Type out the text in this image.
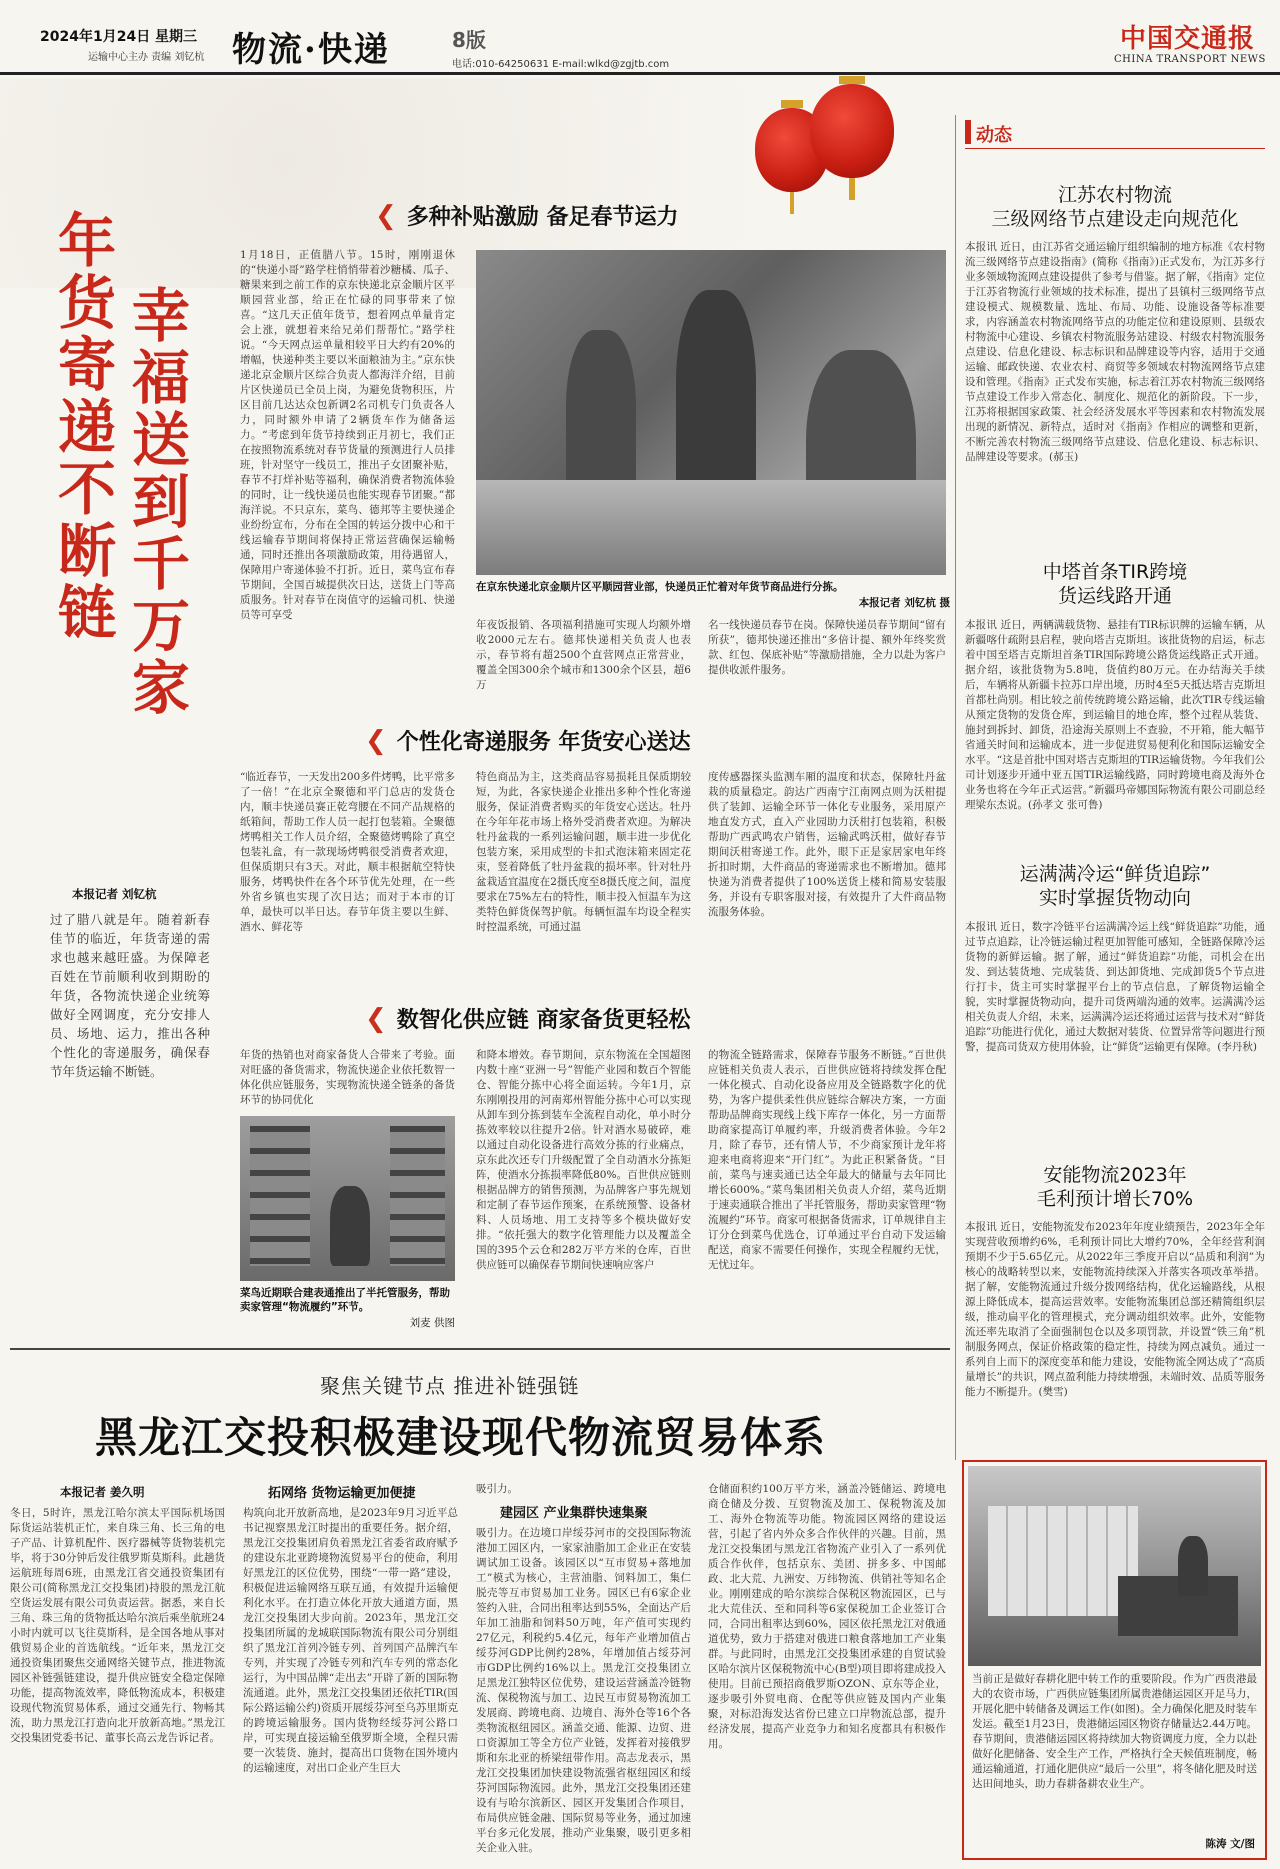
2024年1月24日 星期三
运输中心主办 责编 刘钇杭 物流·快递	8版
电话:010-64250631 E-mail:wlkd@zgjtb.com
中国交通报
CHINA TRANSPORT NEWS
幸福送到千万家
年货寄递不断链
本报记者 刘钇杭
过了腊八就是年。随着新春佳节的临近，年货寄递的需求也越来越旺盛。为保障老百姓在节前顺利收到期盼的年货，各物流快递企业统筹做好全网调度，充分安排人员、场地、运力，推出各种个性化的寄递服务，确保春节年货运输不断链。
❮ 多种补贴激励 备足春节运力
1月18日，正值腊八节。15时，刚刚退休的“快递小哥”路学柱悄悄带着沙糖橘、瓜子、糖果来到之前工作的京东快递北京金顺片区平顺园营业部，给正在忙碌的同事带来了惊喜。“这几天正值年货节，想着网点单量肯定会上涨，就想着来给兄弟们帮帮忙。”路学柱说。“今天网点运单量相较平日大约有20%的增幅，快递种类主要以米面粮油为主。”京东快递北京金顺片区综合负责人都海洋介绍，目前片区快递员已全员上岗，为避免货物积压，片区目前几达达众包新调2名司机专门负责各人力，同时额外申请了2辆货车作为储备运力。“考虑到年货节持续到正月初七，我们正在按照物流系统对春节货量的预测进行人员排班，针对坚守一线员工，推出子女团聚补贴，春节不打烊补贴等福利，确保消费者物流体验的同时，让一线快递员也能实现春节团聚。”都海洋说。不只京东，菜鸟、德邦等主要快递企业纷纷宣布，分布在全国的转运分拨中心和干线运输春节期间将保持正常运营确保运输畅通，同时还推出各项激励政策，用待遇留人，保障用户寄递体验不打折。近日，菜鸟宣布春节期间，全国百城提供次日达，送货上门等高质服务。针对春节在岗值守的运输司机、快递员等可享受
在京东快递北京金顺片区平顺园营业部，快递员正忙着对年货节商品进行分拣。
本报记者 刘钇杭 摄
年夜饭报销、各项福利措施可实现人均额外增收2000元左右。德邦快递相关负责人也表示，春节将有超2500个直营网点正常营业，覆盖全国300余个城市和1300余个区县，超6万
名一线快递员春节在岗。保障快递员春节期间“留有所获”，德邦快递还推出“多倍计提、额外年终奖赏款、红包、保底补贴”等激励措施，全力以赴为客户提供收派件服务。
❮ 个性化寄递服务 年货安心送达
“临近春节，一天发出200多件烤鸭，比平常多了一倍！”在北京全聚德和平门总店的发货仓内，顺丰快递员赛正乾弯腰在不同产品规格的纸箱间，帮助工作人员一起打包装箱。全聚德烤鸭相关工作人员介绍，全聚德烤鸭除了真空包装礼盒，有一款现场烤鸭很受消费者欢迎，但保质期只有3天。对此，顺丰根据航空特快服务，烤鸭快件在各个环节优先处理，在一些外省乡镇也实现了次日达；而对于本市的订单，最快可以半日达。春节年货主要以生鲜、酒水、鲜花等
特色商品为主，这类商品容易损耗且保质期较短，为此，各家快递企业推出多种个性化寄递服务，保证消费者购买的年货安心送达。牡丹在今年年花市场上格外受消费者欢迎。为解决牡丹盆栽的一系列运输问题，顺丰进一步优化包装方案，采用成型的卡扣式泡沫箱来固定花束，竖着降低了牡丹盆栽的损坏率。针对牡丹盆栽适宜温度在2摄氏度至8摄氏度之间，温度要求在75%左右的特性，顺丰投入恒温车为这类特色鲜货保驾护航。每辆恒温车均设全程实时控温系统，可通过温
度传感器探头监测车厢的温度和状态，保障牡丹盆栽的质量稳定。韵达广西南宁江南网点则为沃柑提供了装卸、运输全环节一体化专业服务，采用原产地直发方式，直入产业园助力沃柑打包装箱，积极帮助广西武鸣农户销售，运输武鸣沃柑，做好春节期间沃柑寄递工作。此外，眼下正是家居家电年终折扣时期，大件商品的寄递需求也不断增加。德邦快递为消费者提供了100%送货上楼和简易安装服务，并设有专职客服对接，有效提升了大件商品物流服务体验。
❮ 数智化供应链 商家备货更轻松
年货的热销也对商家备货人合带来了考验。面对旺盛的备货需求，物流快递企业依托数智一体化供应链服务，实现物流快递全链条的备货环节的协同优化
菜鸟近期联合建表通推出了半托管服务，帮助卖家管理“物流履约”环节。
刘麦 供图
和降本增效。春节期间，京东物流在全国超图内数十座“亚洲一号”智能产业园和数百个智能仓、智能分拣中心将全面运转。今年1月，京东刚刚投用的河南郑州智能分拣中心可以实现从卸车到分拣到装车全流程自动化，单小时分拣效率较以往提升2倍。针对酒水易破碎，难以通过自动化设备进行高效分拣的行业痛点，京东此次还专门升级配置了全自动酒水分拣矩阵，使酒水分拣损率降低80%。百世供应链则根据品牌方的销售预测，为品牌客户事先规划和定制了春节运作预案，在系统预警、设备材料、人员场地、用工支持等多个模块做好安排。“依托强大的数字化管理能力以及覆盖全国的395个云仓和282万平方米的仓库，百世供应链可以确保春节期间快速响应客户
的物流全链路需求，保障春节服务不断链。”百世供应链相关负责人表示，百世供应链将持续发挥仓配一体化模式、自动化设备应用及全链路数字化的优势，为客户提供柔性供应链综合解决方案，一方面帮助品牌商实现线上线下库存一体化，另一方面帮助商家提高订单履约率，升级消费者体验。今年2月，除了春节，还有情人节，不少商家预计龙年将迎来电商将迎来“开门红”。为此正积紧备货。“目前，菜鸟与速卖通已达全年最大的储量与去年同比增长600%。”菜鸟集团相关负责人介绍，菜鸟近期于速卖通联合推出了半托管服务，帮助卖家管理“物流履约”环节。商家可根据备货需求，订单规律自主订分仓到菜鸟优选仓，订单通过平台自动下发运输配送，商家不需要任何操作，实现全程履约无忧，无忧过年。
动态
江苏农村物流
三级网络节点建设走向规范化
本报讯 近日，由江苏省交通运输厅组织编制的地方标准《农村物流三级网络节点建设指南》(简称《指南》)正式发布，为江苏多行业多领域物流网点建设提供了参考与借鉴。据了解，《指南》定位于江苏省物流行业领域的技术标准，提出了县镇村三级网络节点建设模式、规模数量、选址、布局、功能、设施设备等标准要求，内容涵盖农村物流网络节点的功能定位和建设原则、县级农村物流中心建设、乡镇农村物流服务站建设、村级农村物流服务点建设、信息化建设、标志标识和品牌建设等内容，适用于交通运输、邮政快递、农业农村、商贸等多领域农村物流网络节点建设和管理。《指南》正式发布实施，标志着江苏农村物流三级网络节点建设工作步入常态化、制度化、规范化的新阶段。下一步，江苏将根据国家政策、社会经济发展水平等因素和农村物流发展出现的新情况、新特点，适时对《指南》作相应的调整和更新，不断完善农村物流三级网络节点建设、信息化建设、标志标识、品牌建设等要求。(郝玉)
中塔首条TIR跨境
货运线路开通
本报讯 近日，两辆满载货物、悬挂有TIR标识牌的运输车辆，从新疆喀什疏附县启程，驶向塔吉克斯坦。该批货物的启运，标志着中国至塔吉克斯坦首条TIR国际跨境公路货运线路正式开通。据介绍，该批货物为5.8吨，货值约80万元。在办结海关手续后，车辆将从新疆卡拉苏口岸出境，历时4至5天抵达塔吉克斯坦首都杜尚别。相比较之前传统跨境公路运输，此次TIR专线运输从预定货物的发货仓库，到运输目的地仓库，整个过程从装货、施封到拆封、卸货，沿途海关原则上不查验，不开箱，能大幅节省通关时间和运输成本，进一步促进贸易便利化和国际运输安全水平。“这是首批中国对塔吉克斯坦的TIR运输货物。今年我们公司计划逐步开通中亚五国TIR运输线路，同时跨境电商及海外仓业务也将在今年正式运营。”新疆玛帝娜国际物流有限公司副总经理梁东杰说。(孙孝文 张可鲁)
运满满冷运“鲜货追踪”
实时掌握货物动向
本报讯 近日，数字冷链平台运满满冷运上线“鲜货追踪”功能，通过节点追踪，让冷链运输过程更加智能可感知，全链路保障冷运货物的新鲜运输。据了解，通过“鲜货追踪”功能，司机会在出发、到达装货地、完成装货、到达卸货地、完成卸货5个节点进行打卡，货主可实时掌握平台上的节点信息，了解货物运输全貌，实时掌握货物动向，提升司货两端沟通的效率。运满满冷运相关负责人介绍，未来，运满满冷运还将通过运营与技术对“鲜货追踪”功能进行优化，通过大数据对装货、位置异常等问题进行预警，提高司货双方使用体验，让“鲜货”运输更有保障。(李丹秋)
安能物流2023年
毛利预计增长70%
本报讯 近日，安能物流发布2023年年度业绩预告，2023年全年实现营收预增约6%，毛利预计同比大增约70%，全年经营利润预期不少于5.65亿元。从2022年三季度开启以“品质和利润”为核心的战略转型以来，安能物流持续深入并落实各项改革举措。据了解，安能物流通过升级分拨网络结构，优化运输路线，从根源上降低成本，提高运营效率。安能物流集团总部还精简组织层级，推动扁平化的管理模式，充分调动组织效率。此外，安能物流还率先取消了全面强制包仓以及多项罚款，并设置“铁三角”机制服务网点，保证价格政策的稳定性，持续为网点减负。通过一系列自上而下的深度变革和能力建设，安能物流全网达成了“高质量增长”的共识，网点盈利能力持续增强，未端时效、品质等服务能力不断提升。(樊雪)
聚焦关键节点 推进补链强链
黑龙江交投积极建设现代物流贸易体系
本报记者 姜久明
冬日，5时许，黑龙江哈尔滨太平国际机场国际货运站装机正忙，来自珠三角、长三角的电子产品、计算机配件、医疗器械等货物装机完毕，将于30分钟后发往俄罗斯莫斯科。此趟货运航班每周6班，由黑龙江省交通投资集团有限公司(简称黑龙江交投集团)持股的黑龙江航空货运发展有限公司负责运营。据悉，来自长三角、珠三角的货物抵达哈尔滨后乘坐航班24小时内就可以飞往莫斯科，是全国各地从事对俄贸易企业的首选航线。“近年来，黑龙江交通投资集团聚焦交通网络关键节点，推进物流园区补链强链建设，提升供应链安全稳定保障功能，提高物流效率，降低物流成本，积极建设现代物流贸易体系，通过交通先行、物畅其流，助力黑龙江打造向北开放新高地。”黑龙江交投集团党委书记、董事长高云龙告诉记者。
拓网络 货物运输更加便捷
构筑向北开放新高地，是2023年9月习近平总书记视察黑龙江时提出的重要任务。据介绍，黑龙江交投集团肩负着黑龙江省委省政府赋予的建设东北亚跨境物流贸易平台的使命，利用好黑龙江的区位优势，围绕“一带一路”建设，积极促进运输网络互联互通，有效提升运输便利化水平。在打造立体化开放大通道方面，黑龙江交投集团大步向前。2023年，黑龙江交投集团所属的龙城联国际物流有限公司分别组织了黑龙江首列冷链专列、首列国产品牌汽车专列，并实现了冷链专列和汽车专列的常态化运行，为中国品牌“走出去”开辟了新的国际物流通道。此外，黑龙江交投集团还依托TIR(国际公路运输公约)资质开展绥芬河至乌苏里斯克的跨境运输服务。国内货物经绥芬河公路口岸，可实现直接运输至俄罗斯全境，全程只需要一次装货、施封，提高出口货物在国外境内的运输速度，对出口企业产生巨大
吸引力。
建园区 产业集群快速集聚
吸引力。在边境口岸绥芬河市的交投国际物流港加工园区内，一家家油脂加工企业正在安装调试加工设备。该园区以“互市贸易+落地加工”模式为核心，主营油脂、饲料加工，集仁脱壳等互市贸易加工业务。园区已有6家企业签约入驻，合同出租率达到55%，全面达产后年加工油脂和饲料50万吨，年产值可实现约27亿元，利税约5.4亿元，每年产业增加值占绥芬河GDP比例约28%，年增加值占绥芬河市GDP比例约16%以上。黑龙江交投集团立足黑龙江独特区位优势，建设运营涵盖冷链物流、保税物流与加工、边民互市贸易物流加工发展商、跨境电商、边境自、海外仓等16个各类物流枢纽园区。涵盖交通、能源、边贸、进口资源加工等全方位产业链，发挥着对接俄罗斯和东北亚的桥梁纽带作用。高志龙表示，黑龙江交投集团加快建设物流强省枢纽园区和绥芬河国际物流园。此外，黑龙江交投集团还建设有与哈尔滨新区、园区开发集团合作项目，布局供应链金融、国际贸易等业务，通过加速平台多元化发展，推动产业集聚，吸引更多相关企业入驻。
仓储面积约100万平方米，涵盖冷链储运、跨境电商仓储及分拨、互贸物流及加工、保税物流及加工、海外仓物流等功能。物流园区网络的建设运营，引起了省内外众多合作伙伴的兴趣。目前，黑龙江交投集团与黑龙江省物流产业引入了一系列优质合作伙伴，包括京东、美团、拼多多、中国邮政、北大荒、九洲安、万纬物流、供销社等知名企业。刚刚建成的哈尔滨综合保税区物流园区，已与北大荒佳沃、至和同科等6家保税加工企业签订合同，合同出租率达到60%，园区依托黑龙江对俄通道优势，致力于搭建对俄进口粮食落地加工产业集群。与此同时，由黑龙江交投集团承建的自贸试验区哈尔滨片区保税物流中心(B型)项目即将建成投入使用。目前已预招商俄罗斯OZON、京东等企业，逐步吸引外贸电商、仓配等供应链及国内产业集聚，对标沿海发达省份已建立口岸物流总部，提升经济发展，提高产业竞争力和知名度都具有积极作用。
当前正是做好春耕化肥中转工作的重要阶段。作为广西贵港最大的农资市场，广西供应链集团所属贵港储运园区开足马力，开展化肥中转储备及调运工作(如图)。全力确保化肥及时装车发运。截至1月23日，贵港储运园区物资存储量达2.44万吨。春节期间，贵港储运园区将持续加大物资调度力度，全力以赴做好化肥储备、安全生产工作，严格执行全天候值班制度，畅通运输通道，打通化肥供应“最后一公里”，将冬储化肥及时送达田间地头，助力春耕备耕农业生产。
陈涛 文/图
